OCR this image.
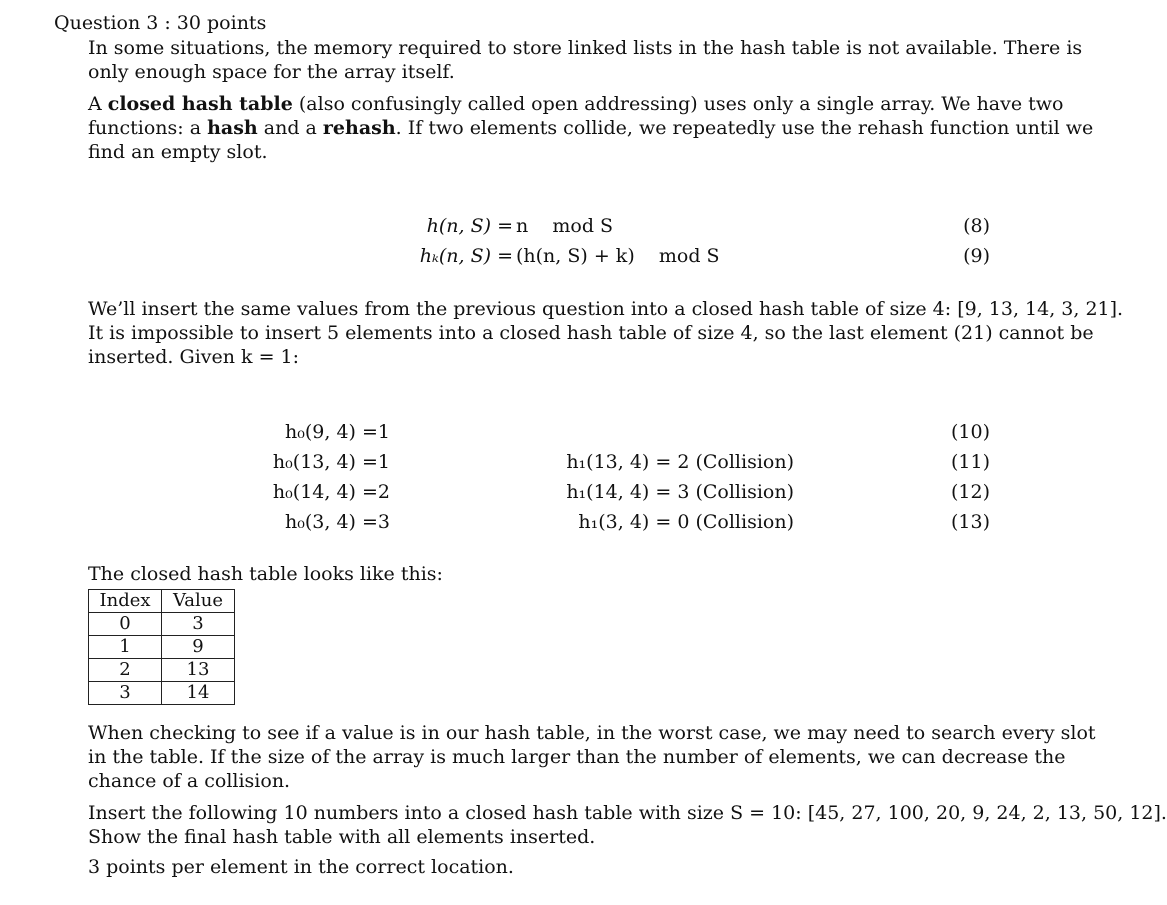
Question 3 : 30 points
In some situations, the memory required to store linked lists in the hash table is not available. There is
only enough space for the array itself.
A closed hash table (also confusingly called open addressing) uses only a single array. We have two
functions: a hash and a rehash. If two elements collide, we repeatedly use the rehash function until we
find an empty slot.
h(n, S) = n    mod S	(8)
hₖ(n, S) = (h(n, S) + k)    mod S	(9)
We’ll insert the same values from the previous question into a closed hash table of size 4: [9, 13, 14, 3, 21].
It is impossible to insert 5 elements into a closed hash table of size 4, so the last element (21) cannot be
inserted. Given k = 1:
h₀(9, 4) =1	(10)
h₀(13, 4) =1	h₁(13, 4) = 2 (Collision)	(11)
h₀(14, 4) =2	h₁(14, 4) = 3 (Collision)	(12)
h₀(3, 4) =3	h₁(3, 4) = 0 (Collision)	(13)
The closed hash table looks like this:
Index	Value
0	3
1	9
2	13
3	14
When checking to see if a value is in our hash table, in the worst case, we may need to search every slot
in the table. If the size of the array is much larger than the number of elements, we can decrease the
chance of a collision.
Insert the following 10 numbers into a closed hash table with size S = 10: [45, 27, 100, 20, 9, 24, 2, 13, 50, 12].
Show the final hash table with all elements inserted.
3 points per element in the correct location.
